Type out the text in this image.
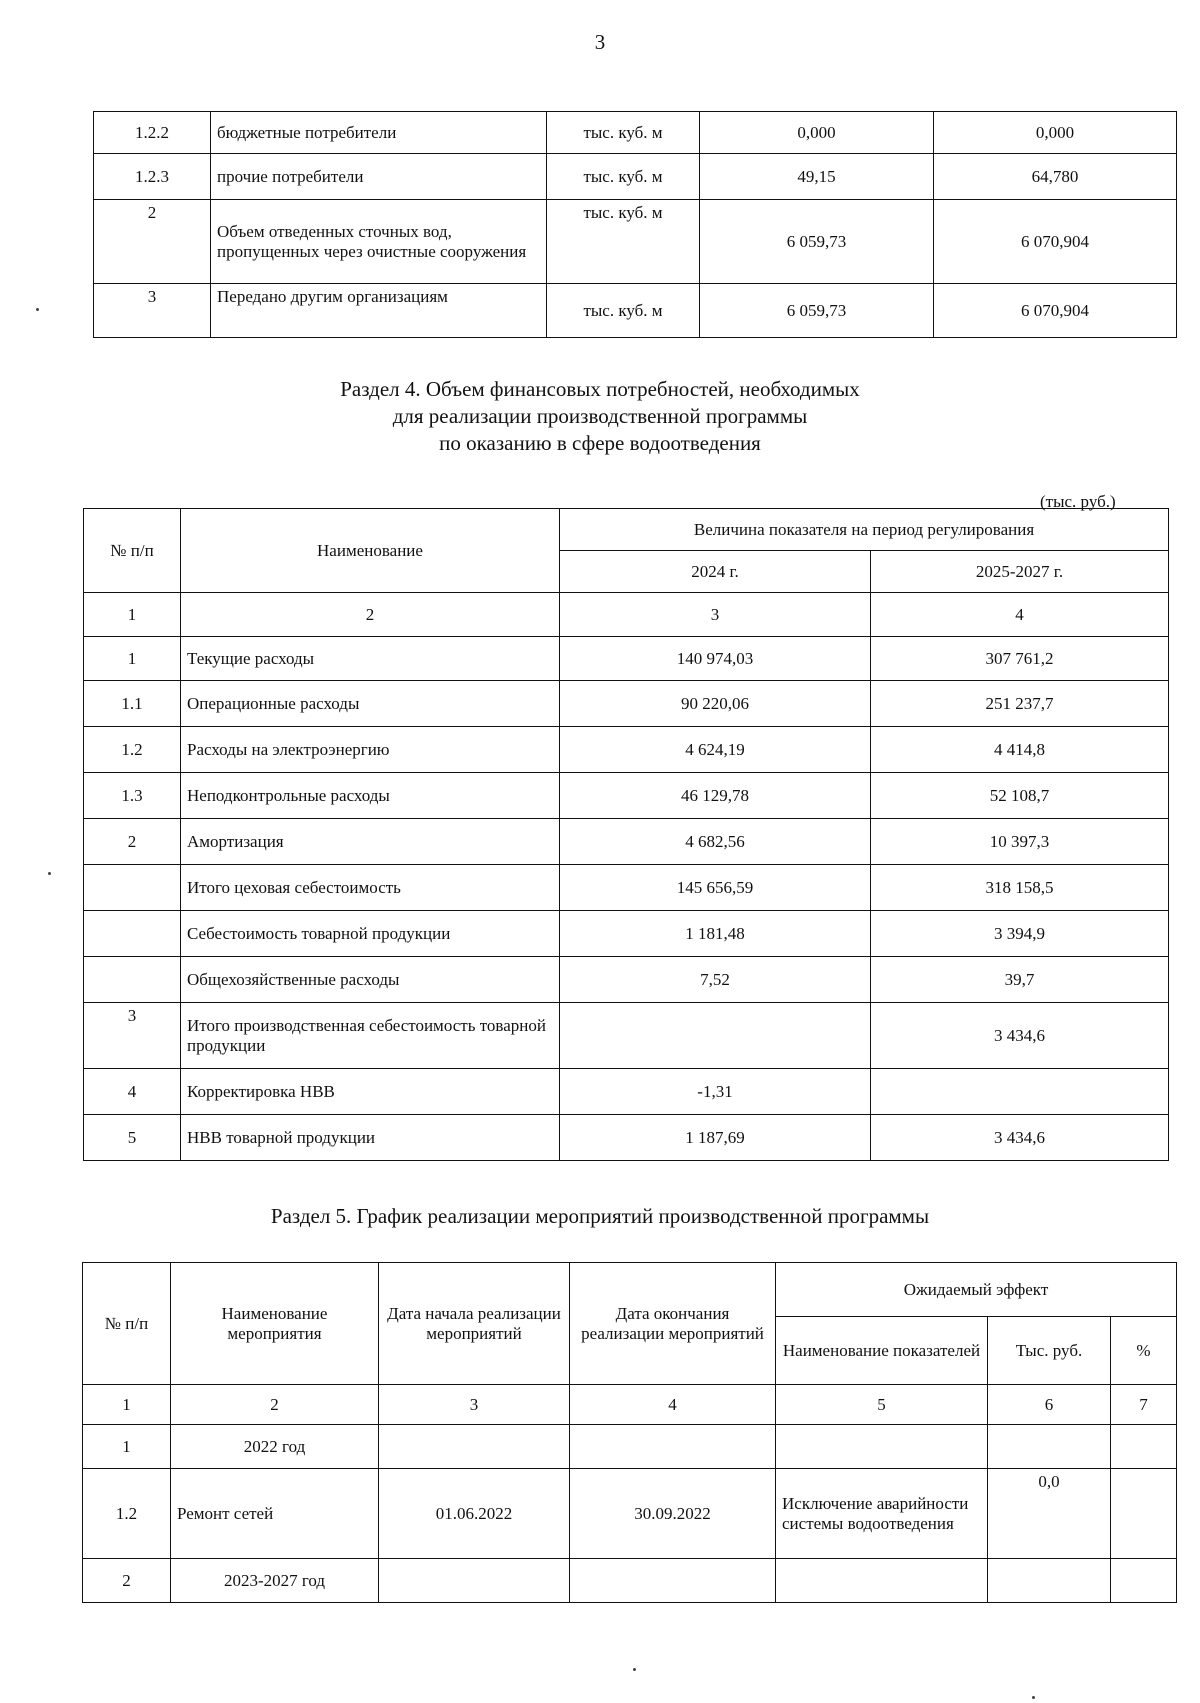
3
1.2.2	бюджетные потребители	тыс. куб. м	0,000	0,000
1.2.3	прочие потребители	тыс. куб. м	49,15	64,780
2	Объем отведенных сточных вод, пропущенных через очистные сооружения	тыс. куб. м	6 059,73	6 070,904
3	Передано другим организациям	тыс. куб. м	6 059,73	6 070,904
Раздел 4. Объем финансовых потребностей, необходимых
для реализации производственной программы
по оказанию в сфере водоотведения
(тыс. руб.)
№ п/п	Наименование	Величина показателя на период регулирования	
		2024 г.	2025-2027 г.
1	2	3	4
1	Текущие расходы	140 974,03	307 761,2
1.1	Операционные расходы	90 220,06	251 237,7
1.2	Расходы на электроэнергию	4 624,19	4 414,8
1.3	Неподконтрольные расходы	46 129,78	52 108,7
2	Амортизация	4 682,56	10 397,3
	Итого цеховая себестоимость	145 656,59	318 158,5
	Себестоимость товарной продукции	1 181,48	3 394,9
	Общехозяйственные расходы	7,52	39,7
3	Итого производственная себестоимость товарной продукции		3 434,6
4	Корректировка НВВ	-1,31	
5	НВВ товарной продукции	1 187,69	3 434,6
Раздел 5. График реализации мероприятий производственной программы
№ п/п	Наименование мероприятия	Дата начала реализации мероприятий	Дата окончания реализации мероприятий	Ожидаемый эффект		
				Наименование показателей	Тыс. руб.	%
1	2	3	4	5	6	7
1	2022 год					
1.2	Ремонт сетей	01.06.2022	30.09.2022	Исключение аварийности системы водоотведения	0,0	
2	2023-2027 год					
